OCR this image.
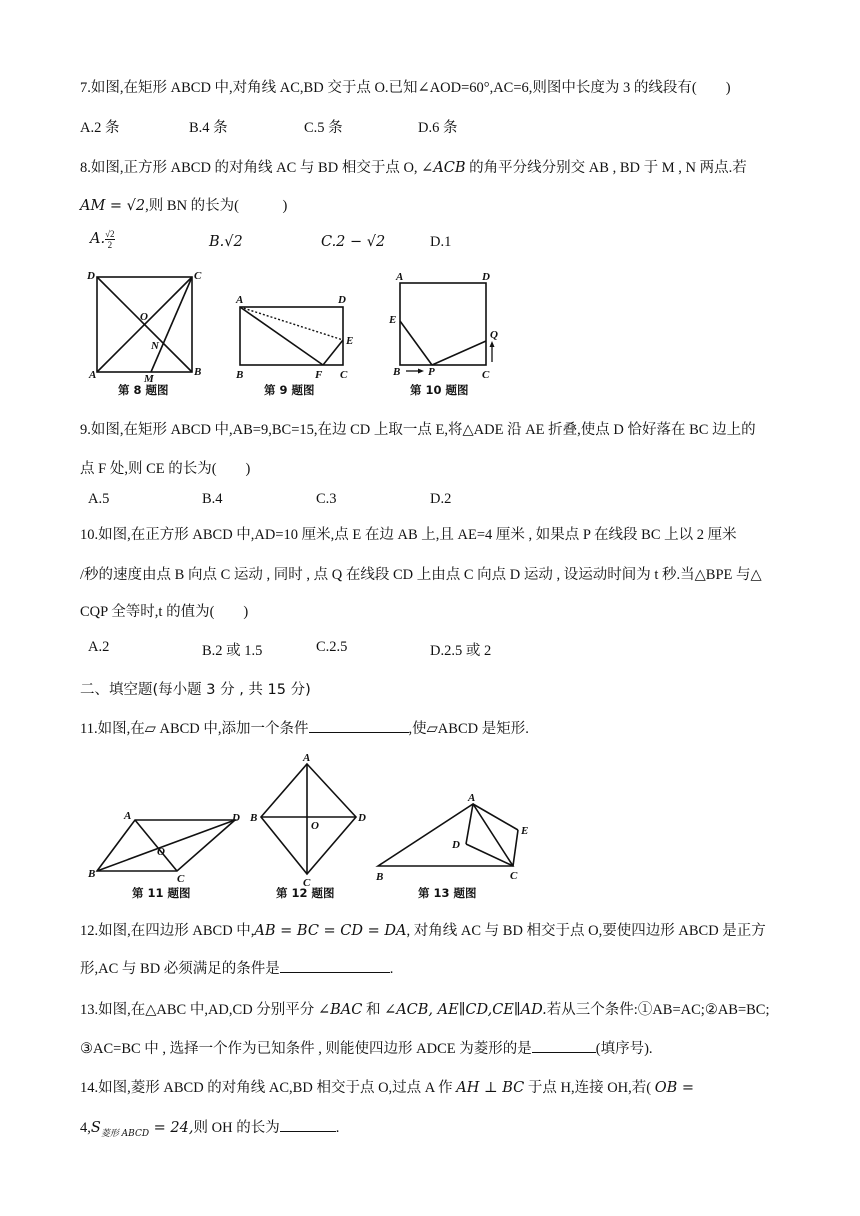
7.如图,在矩形 ABCD 中,对角线 AC,BD 交于点 O.已知∠AOD=60°,AC=6,则图中长度为 3 的线段有(　　)
A.2 条	B.4 条	C.5 条	D.6 条
8.如图,正方形 ABCD 的对角线 AC 与 BD 相交于点 O, ∠ACB 的角平分线分别交 AB , BD 于 M , N 两点.若
AM = √2,则 BN 的长为(　　　)
A. $\frac{√2}{2}$	B.√2	C.2 − √2	D.1
D	C
O
N
A	M
B
A	D
E
B	F C
A	D
E
Q
B	P	C
第 8 题图	第 9 题图	第 10 题图
9.如图,在矩形 ABCD 中,AB=9,BC=15,在边 CD 上取一点 E,将△ADE 沿 AE 折叠,使点 D 恰好落在 BC 边上的
点 F 处,则 CE 的长为(　　)
A.5	B.4	C.3	D.2
10.如图,在正方形 ABCD 中,AD=10 厘米,点 E 在边 AB 上,且 AE=4 厘米 , 如果点 P 在线段 BC 上以 2 厘米
/秒的速度由点 B 向点 C 运动 , 同时 , 点 Q 在线段 CD 上由点 C 向点 D 运动 , 设运动时间为 t 秒.当△BPE 与△
CQP 全等时,t 的值为(　　)
A.2	B.2 或 1.5	C.2.5	D.2.5 或 2
二、填空题(每小题 3 分 , 共 15 分)
11.如图,在▱ ABCD 中,添加一个条件	,使▱ABCD 是矩形.
A	D
O
B	C
A
B
O
D
C
A
E
D
B	C
第 11 题图	第 12 题图	第 13 题图
12.如图,在四边形 ABCD 中,AB = BC = CD = DA, 对角线 AC 与 BD 相交于点 O,要使四边形 ABCD 是正方
形,AC 与 BD 必须满足的条件是	.
13.如图,在△ABC 中,AD,CD 分别平分 ∠BAC 和 ∠ACB, AE∥CD,CE∥AD.若从三个条件:①AB=AC;②AB=BC;
③AC=BC 中 , 选择一个作为已知条件 , 则能使四边形 ADCE 为菱形的是	(填序号).
14.如图,菱形 ABCD 的对角线 AC,BD 相交于点 O,过点 A 作 AH ⊥ BC 于点 H,连接 OH,若( OB =
$4,S_{菱形 ABCD} = 24$,则 OH 的长为	.
